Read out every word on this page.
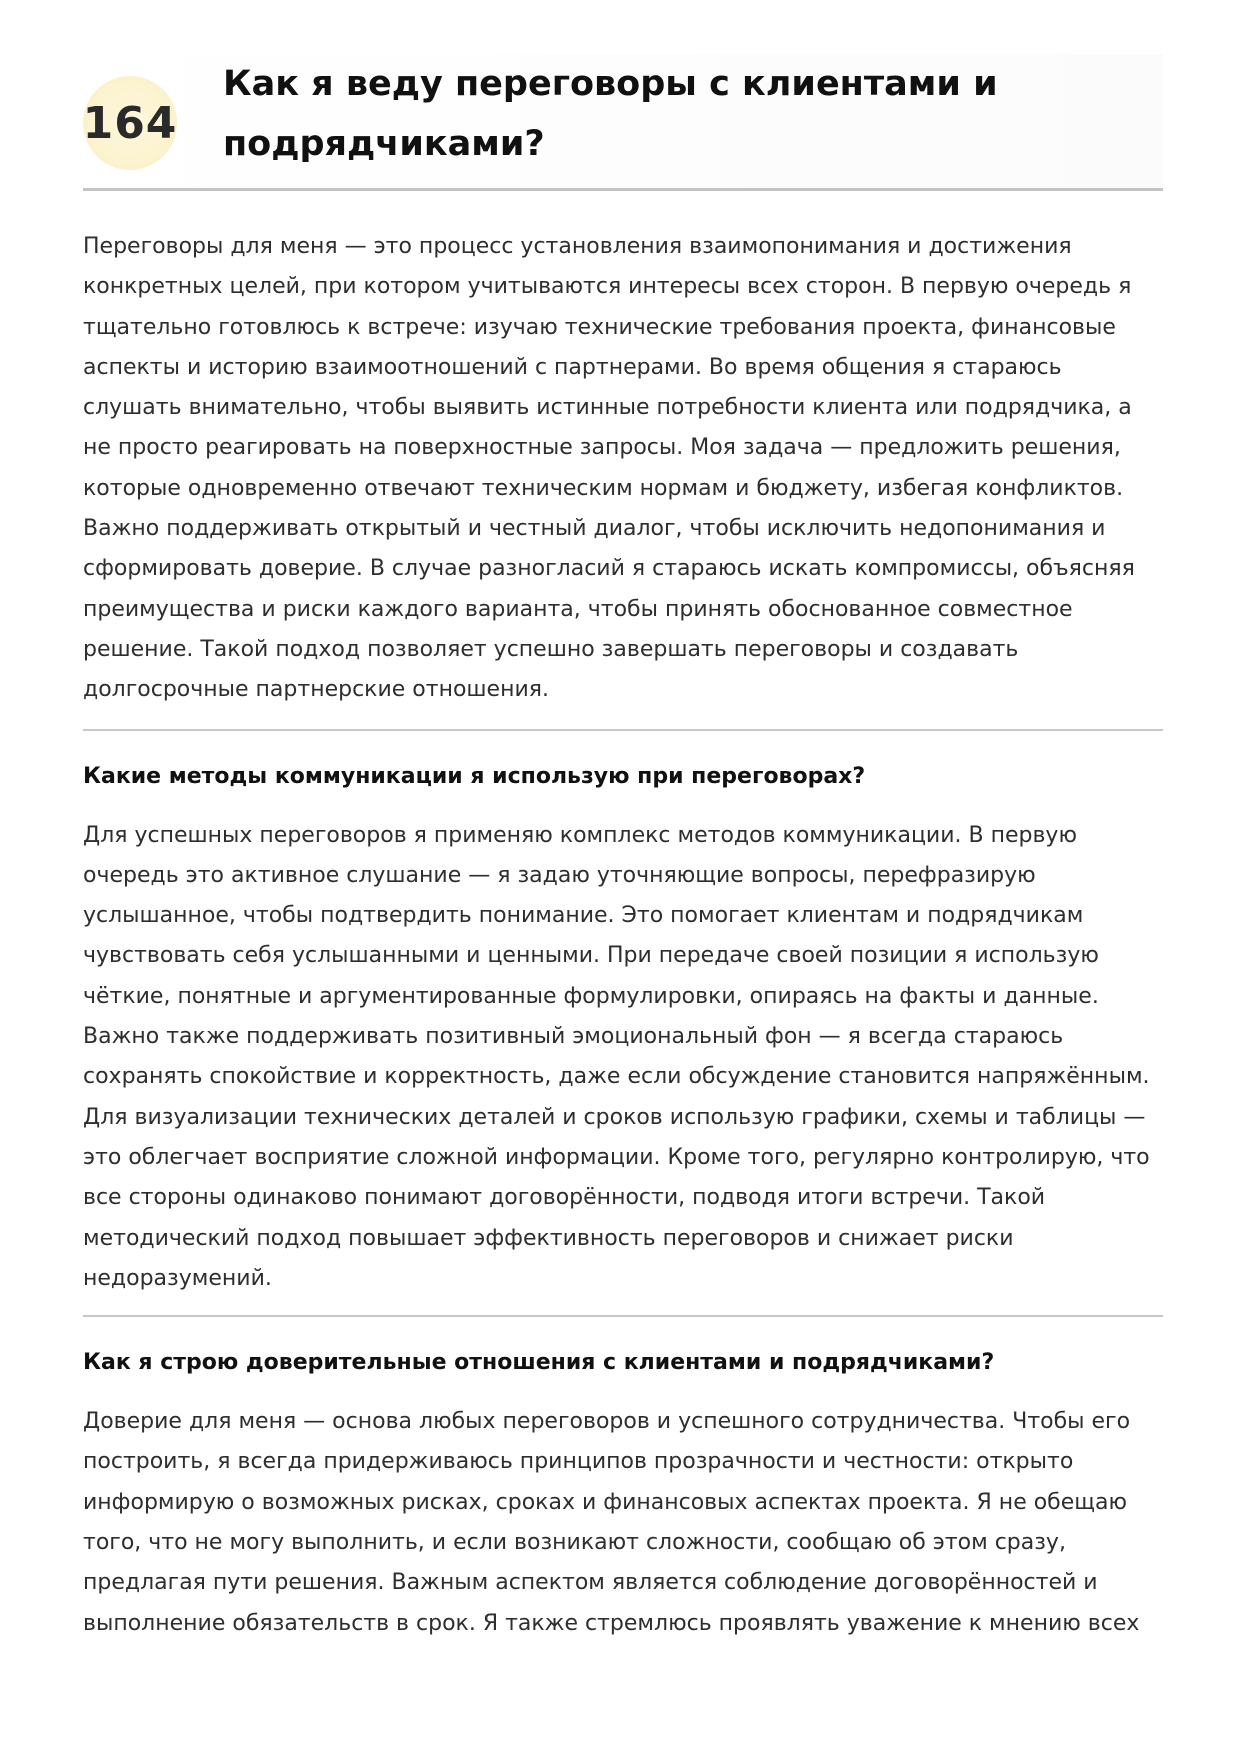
164
Как я веду переговоры с клиентами и подрядчиками?

Переговоры для меня — это процесс установления взаимопонимания и достижения конкретных целей, при котором учитываются интересы всех сторон. В первую очередь я тщательно готовлюсь к встрече: изучаю технические требования проекта, финансовые аспекты и историю взаимоотношений с партнерами. Во время общения я стараюсь слушать внимательно, чтобы выявить истинные потребности клиента или подрядчика, а не просто реагировать на поверхностные запросы. Моя задача — предложить решения, которые одновременно отвечают техническим нормам и бюджету, избегая конфликтов. Важно поддерживать открытый и честный диалог, чтобы исключить недопонимания и сформировать доверие. В случае разногласий я стараюсь искать компромиссы, объясняя преимущества и риски каждого варианта, чтобы принять обоснованное совместное решение. Такой подход позволяет успешно завершать переговоры и создавать долгосрочные партнерские отношения.

Какие методы коммуникации я использую при переговорах?

Для успешных переговоров я применяю комплекс методов коммуникации. В первую очередь это активное слушание — я задаю уточняющие вопросы, перефразирую услышанное, чтобы подтвердить понимание. Это помогает клиентам и подрядчикам чувствовать себя услышанными и ценными. При передаче своей позиции я использую чёткие, понятные и аргументированные формулировки, опираясь на факты и данные. Важно также поддерживать позитивный эмоциональный фон — я всегда стараюсь сохранять спокойствие и корректность, даже если обсуждение становится напряжённым. Для визуализации технических деталей и сроков использую графики, схемы и таблицы — это облегчает восприятие сложной информации. Кроме того, регулярно контролирую, что все стороны одинаково понимают договорённости, подводя итоги встречи. Такой методический подход повышает эффективность переговоров и снижает риски недоразумений.

Как я строю доверительные отношения с клиентами и подрядчиками?

Доверие для меня — основа любых переговоров и успешного сотрудничества. Чтобы его построить, я всегда придерживаюсь принципов прозрачности и честности: открыто информирую о возможных рисках, сроках и финансовых аспектах проекта. Я не обещаю того, что не могу выполнить, и если возникают сложности, сообщаю об этом сразу, предлагая пути решения. Важным аспектом является соблюдение договорённостей и выполнение обязательств в срок. Я также стремлюсь проявлять уважение к мнению всех
